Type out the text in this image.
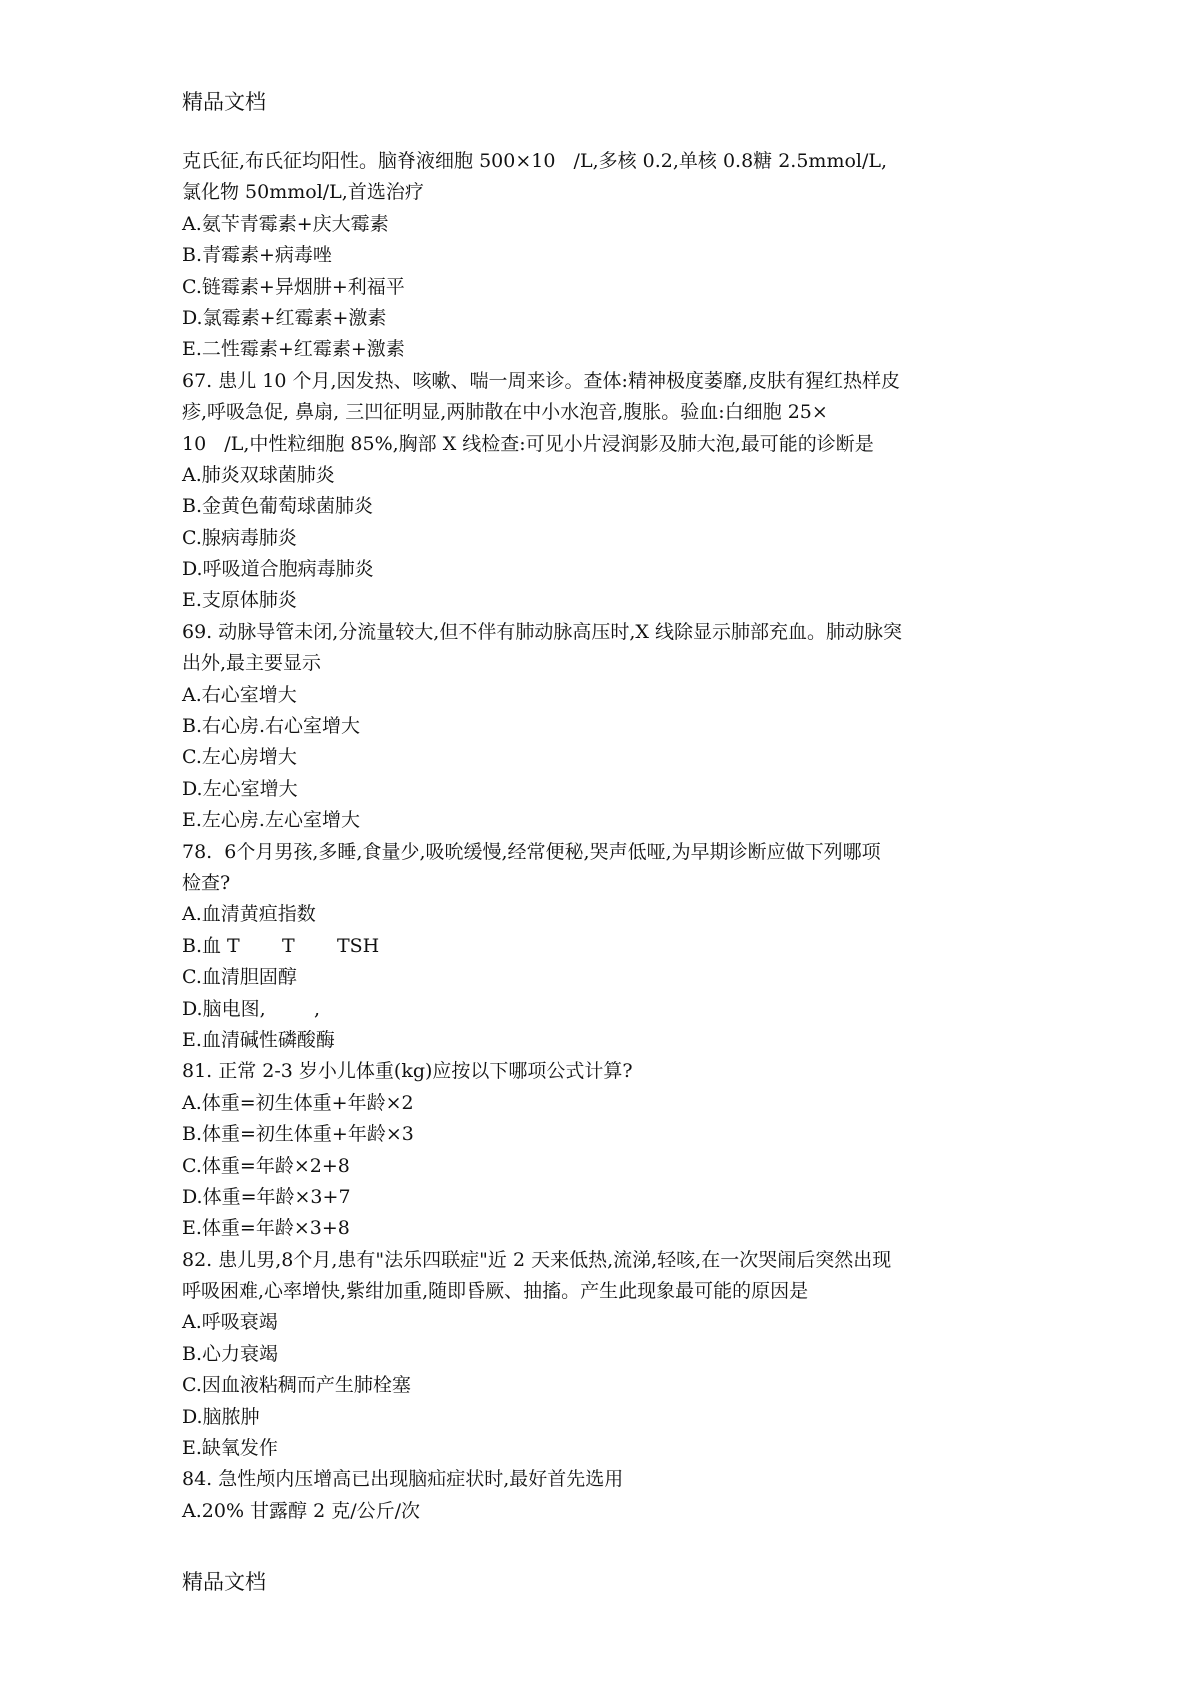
精品文档
克氏征,布氏征均阳性。脑脊液细胞 500×10   /L,多核 0.2,单核 0.8糖 2.5mmol/L,
氯化物 50mmol/L,首选治疗
A.氨苄青霉素+庆大霉素
B.青霉素+病毒唑
C.链霉素+异烟肼+利福平
D.氯霉素+红霉素+激素
E.二性霉素+红霉素+激素
67. 患儿 10 个月,因发热、咳嗽、喘一周来诊。查体:精神极度萎靡,皮肤有猩红热样皮
疹,呼吸急促, 鼻扇, 三凹征明显,两肺散在中小水泡音,腹胀。验血:白细胞 25×
10   /L,中性粒细胞 85%,胸部 X 线检查:可见小片浸润影及肺大泡,最可能的诊断是
A.肺炎双球菌肺炎
B.金黄色葡萄球菌肺炎
C.腺病毒肺炎
D.呼吸道合胞病毒肺炎
E.支原体肺炎
69. 动脉导管未闭,分流量较大,但不伴有肺动脉高压时,X 线除显示肺部充血。肺动脉突
出外,最主要显示
A.右心室增大
B.右心房.右心室增大
C.左心房增大
D.左心室增大
E.左心房.左心室增大
78.  6个月男孩,多睡,食量少,吸吮缓慢,经常便秘,哭声低哑,为早期诊断应做下列哪项
检查?
A.血清黄疸指数
B.血 T       T       TSH
C.血清胆固醇
D.脑电图,        ,
E.血清碱性磷酸酶
81. 正常 2-3 岁小儿体重(kg)应按以下哪项公式计算?
A.体重=初生体重+年龄×2
B.体重=初生体重+年龄×3
C.体重=年龄×2+8
D.体重=年龄×3+7
E.体重=年龄×3+8
82. 患儿男,8个月,患有"法乐四联症"近 2 天来低热,流涕,轻咳,在一次哭闹后突然出现
呼吸困难,心率增快,紫绀加重,随即昏厥、抽搐。产生此现象最可能的原因是
A.呼吸衰竭
B.心力衰竭
C.因血液粘稠而产生肺栓塞
D.脑脓肿
E.缺氧发作
84. 急性颅内压增高已出现脑疝症状时,最好首先选用
A.20% 甘露醇 2 克/公斤/次
精品文档
